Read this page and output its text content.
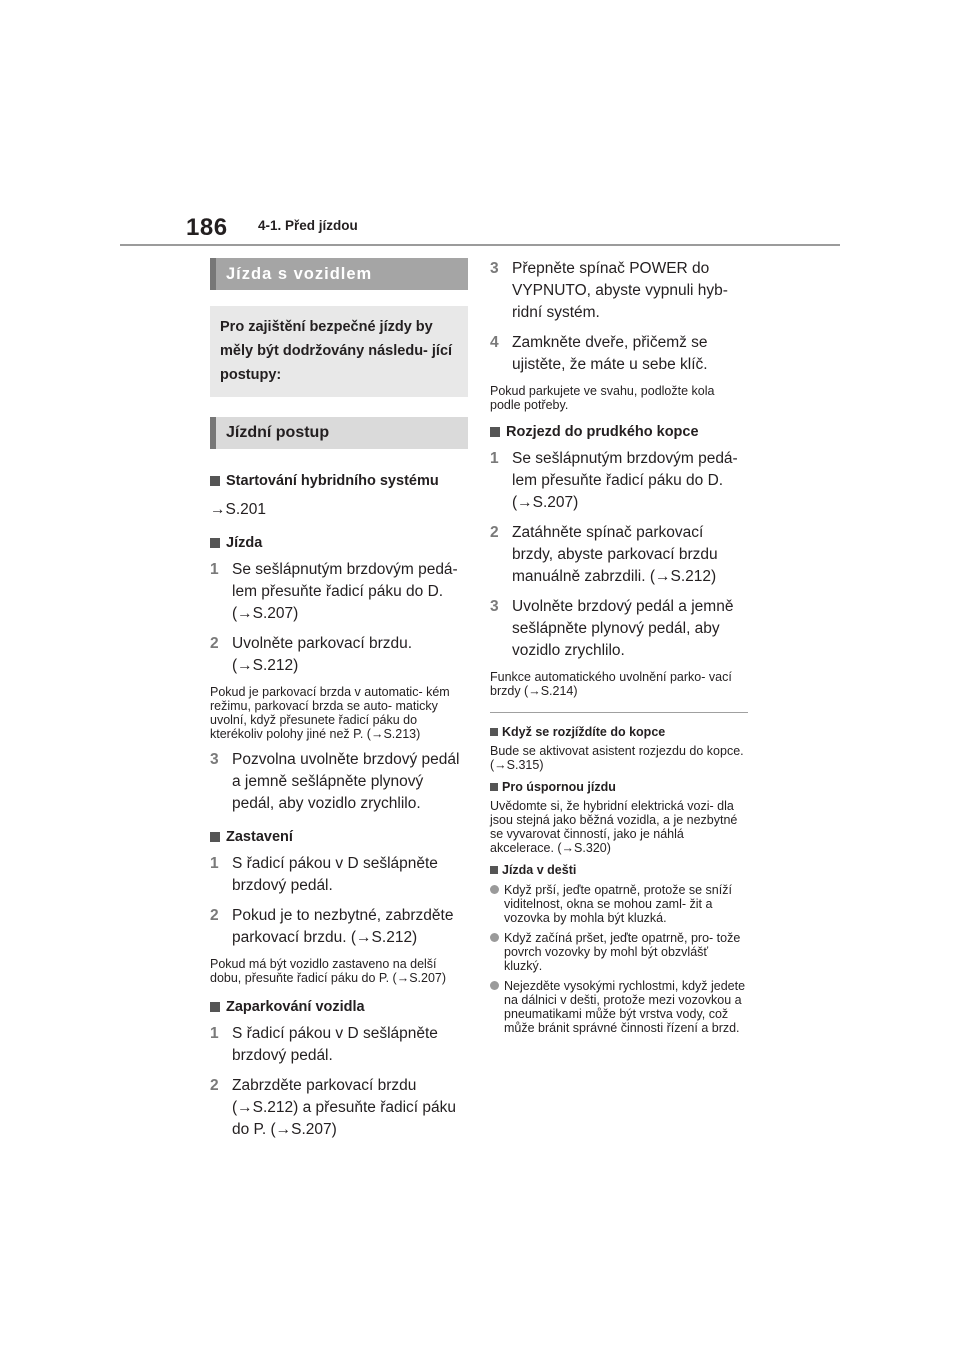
186 4-1. Před jízdou
Jízda s vozidlem
Pro zajištění bezpečné jízdy by měly být dodržovány následu- jící postupy:
Jízdní postup
Startování hybridního systému
→S.201
Jízda
1 Se sešlápnutým brzdovým pedá- lem přesuňte řadicí páku do D. (→S.207)
2 Uvolněte parkovací brzdu. (→S.212)
Pokud je parkovací brzda v automatic- kém režimu, parkovací brzda se auto- maticky uvolní, když přesunete řadicí páku do kterékoliv polohy jiné než P. (→S.213)
3 Pozvolna uvolněte brzdový pedál a jemně sešlápněte plynový pedál, aby vozidlo zrychlilo.
Zastavení
1 S řadicí pákou v D sešlápněte brzdový pedál.
2 Pokud je to nezbytné, zabrzděte parkovací brzdu. (→S.212)
Pokud má být vozidlo zastaveno na delší dobu, přesuňte řadicí páku do P. (→S.207)
Zaparkování vozidla
1 S řadicí pákou v D sešlápněte brzdový pedál.
2 Zabrzděte parkovací brzdu (→S.212) a přesuňte řadicí páku do P. (→S.207)
3 Přepněte spínač POWER do VYPNUTO, abyste vypnuli hyb- ridní systém.
4 Zamkněte dveře, přičemž se ujistěte, že máte u sebe klíč.
Pokud parkujete ve svahu, podložte kola podle potřeby.
Rozjezd do prudkého kopce
1 Se sešlápnutým brzdovým pedá- lem přesuňte řadicí páku do D. (→S.207)
2 Zatáhněte spínač parkovací brzdy, abyste parkovací brzdu manuálně zabrzdili. (→S.212)
3 Uvolněte brzdový pedál a jemně sešlápněte plynový pedál, aby vozidlo zrychlilo.
Funkce automatického uvolnění parko- vací brzdy (→S.214)
Když se rozjíždíte do kopce
Bude se aktivovat asistent rozjezdu do kopce. (→S.315)
Pro úspornou jízdu
Uvědomte si, že hybridní elektrická vozi- dla jsou stejná jako běžná vozidla, a je nezbytné se vyvarovat činností, jako je náhlá akcelerace. (→S.320)
Jízda v dešti
Když prší, jeďte opatrně, protože se sníží viditelnost, okna se mohou zaml- žit a vozovka by mohla být kluzká.
Když začíná pršet, jeďte opatrně, pro- tože povrch vozovky by mohl být obzvlášť kluzký.
Nejezděte vysokými rychlostmi, když jedete na dálnici v dešti, protože mezi vozovkou a pneumatikami může být vrstva vody, což může bránit správné činnosti řízení a brzd.
